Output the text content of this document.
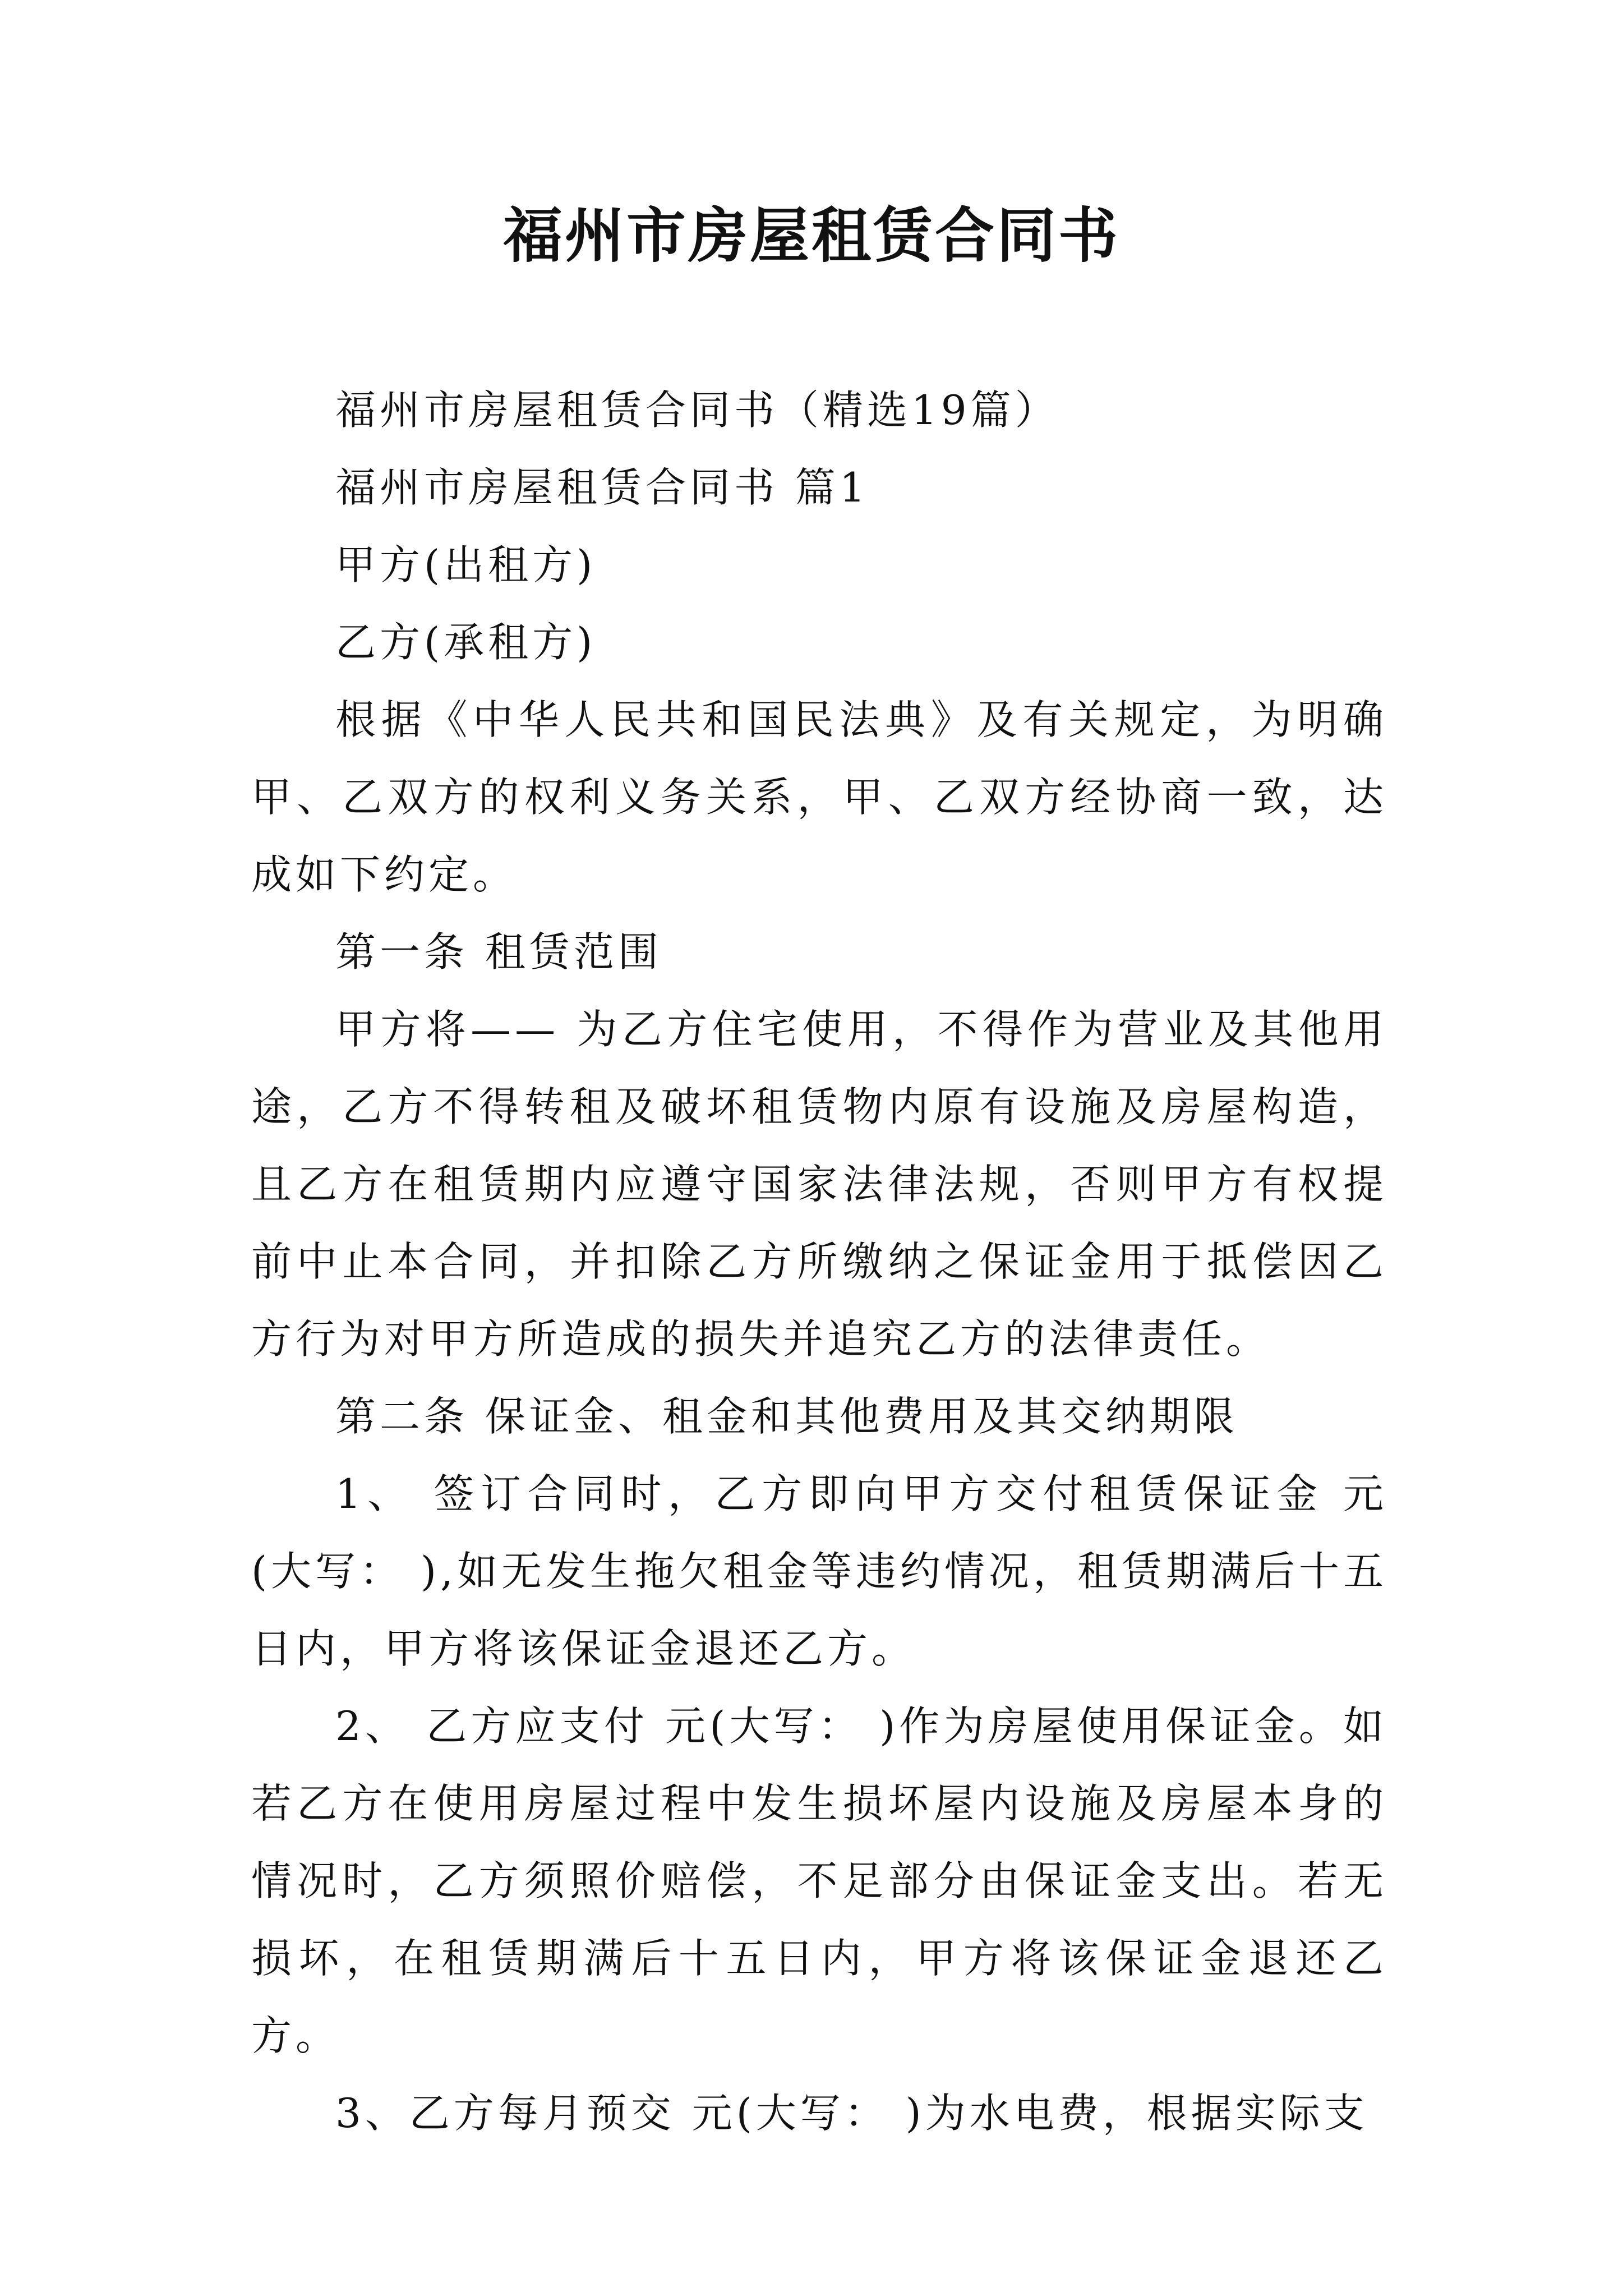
福州市房屋租赁合同书

福州市房屋租赁合同书（精选19篇）

福州市房屋租赁合同书 篇1

甲方(出租方)

乙方(承租方)

根据《中华人民共和国民法典》及有关规定，为明确甲、乙双方的权利义务关系，甲、乙双方经协商一致，达成如下约定。

第一条 租赁范围

甲方将—— 为乙方住宅使用，不得作为营业及其他用途，乙方不得转租及破坏租赁物内原有设施及房屋构造，且乙方在租赁期内应遵守国家法律法规，否则甲方有权提前中止本合同，并扣除乙方所缴纳之保证金用于抵偿因乙方行为对甲方所造成的损失并追究乙方的法律责任。

第二条 保证金、租金和其他费用及其交纳期限

1、 签订合同时，乙方即向甲方交付租赁保证金 元(大写： ),如无发生拖欠租金等违约情况，租赁期满后十五日内，甲方将该保证金退还乙方。

2、 乙方应支付 元(大写： )作为房屋使用保证金。如若乙方在使用房屋过程中发生损坏屋内设施及房屋本身的情况时，乙方须照价赔偿，不足部分由保证金支出。若无损坏，在租赁期满后十五日内，甲方将该保证金退还乙方。

3、乙方每月预交 元(大写： )为水电费，根据实际支
